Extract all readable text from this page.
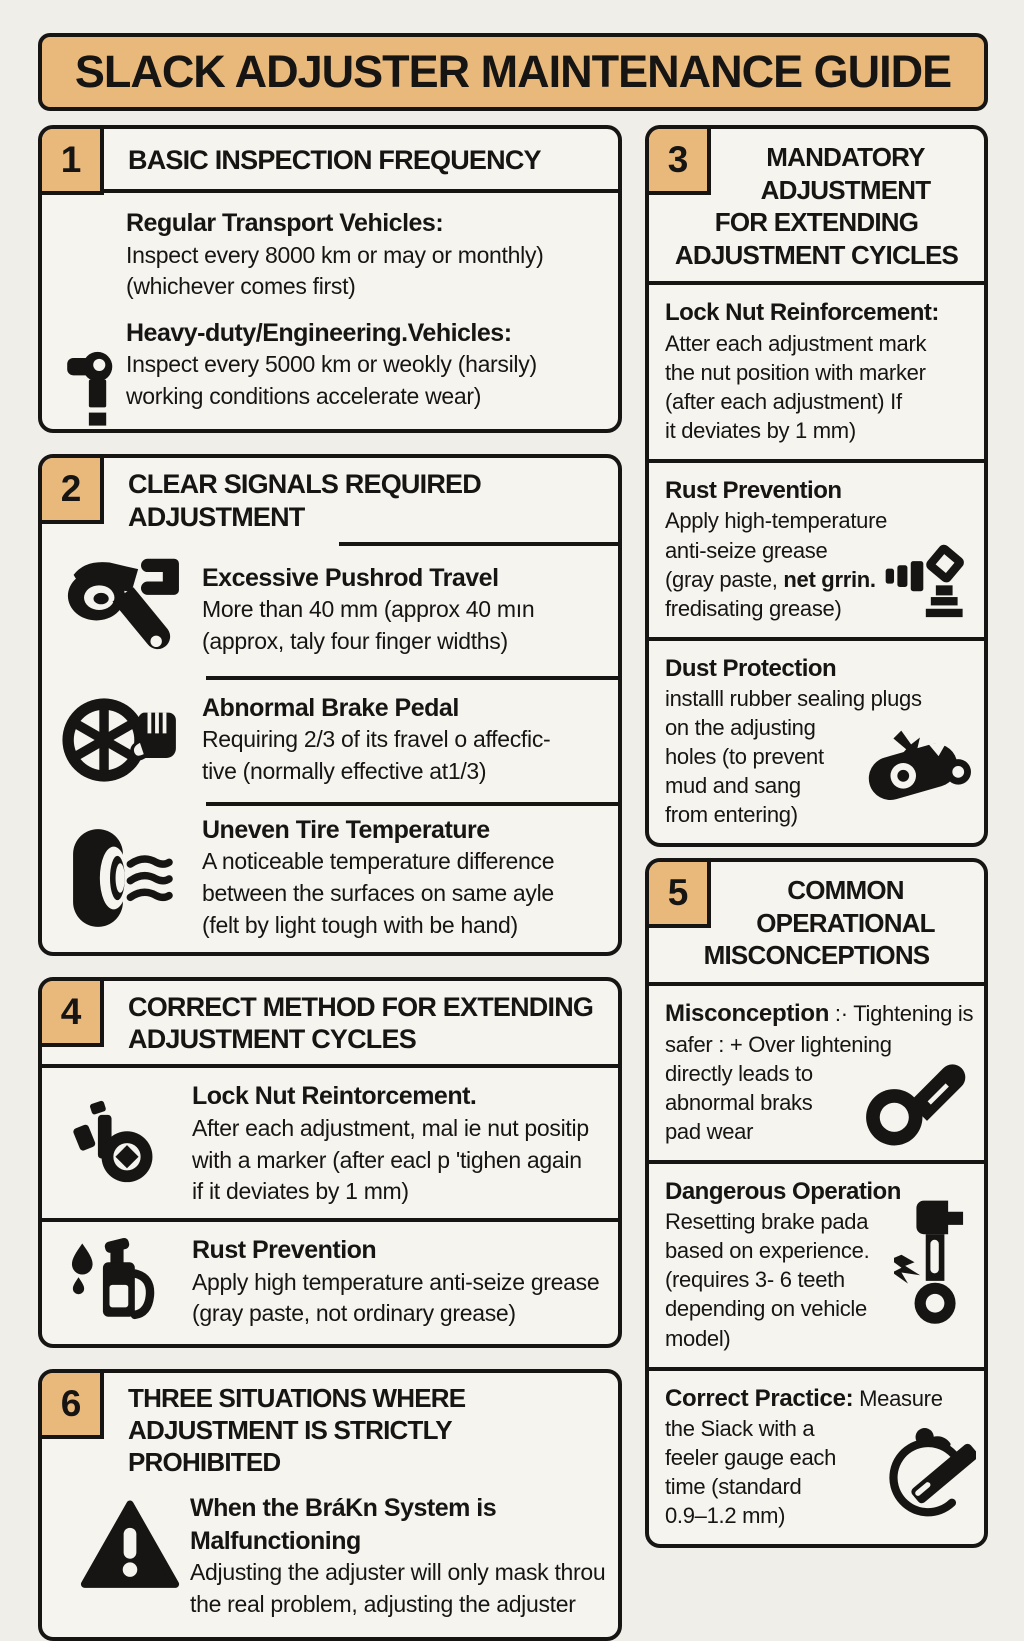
SLACK ADJUSTER MAINTENANCE GUIDE
1	BASIC INSPECTION FREQUENCY
Regular Transport Vehicles:
Inspect every 8000 km or may or monthly)
(whichever comes first)
Heavy-duty/Engineering.Vehicles:
Inspect every 5000 km or weokly (harsily)
working conditions accelerate wear)
2	CLEAR SIGNALS REQUIRED
ADJUSTMENT
Excessive Pushrod Travel
More than 40 mm (approx 40 mın
(approx, taly four finger widths)
Abnormal Brake Pedal
Requiring 2/3 of its fravel o affecfic-
tive (normally effective at1/3)
Uneven Tire Temperature
A noticeable temperature difference
between the surfaces on same ayle
(felt by light tough with be hand)
4	CORRECT METHOD FOR EXTENDING
ADJUSTMENT CYCLES
Lock Nut Reintorcement.
After each adjustment, mal ie nut positip
with a marker (after eacl p 'tighen again
if it deviates by 1 mm)
Rust Prevention
Apply high temperature anti-seize grease
(gray paste, not ordinary grease)
6	THREE SITUATIONS WHERE
ADJUSTMENT IS STRICTLY PROHIBITED
When the BráKn System is Malfunctioning
Adjusting the adjuster will only mask throu
the real problem, adjusting the adjuster
3	MANDATORY
ADJUSTMENT
FOR EXTENDING
ADJUSTMENT CYICLES
Lock Nut Reinforcement:
Atter each adjustment mark
the nut position with marker
(after each adjustment) If
it deviates by 1 mm)
Rust Prevention
Apply high-temperature
anti-seize grease
(gray paste, net grrin.
fredisating grease)
Dust Protection
installl rubber sealing plugs
on the adjusting
holes (to prevent
mud and sang
from entering)
5	COMMON
OPERATIONAL
MISCONCEPTIONS
Misconception :· Tightening is
safer : + Over lightening
directly leads to
abnormal braks
pad wear
Dangerous Operation
Resetting brake pada
based on experience.
(requires 3- 6 teeth
depending on vehicle
model)
Correct Practice: Measure
the Siack with a
feeler gauge each
time (standard
0.9–1.2 mm)
